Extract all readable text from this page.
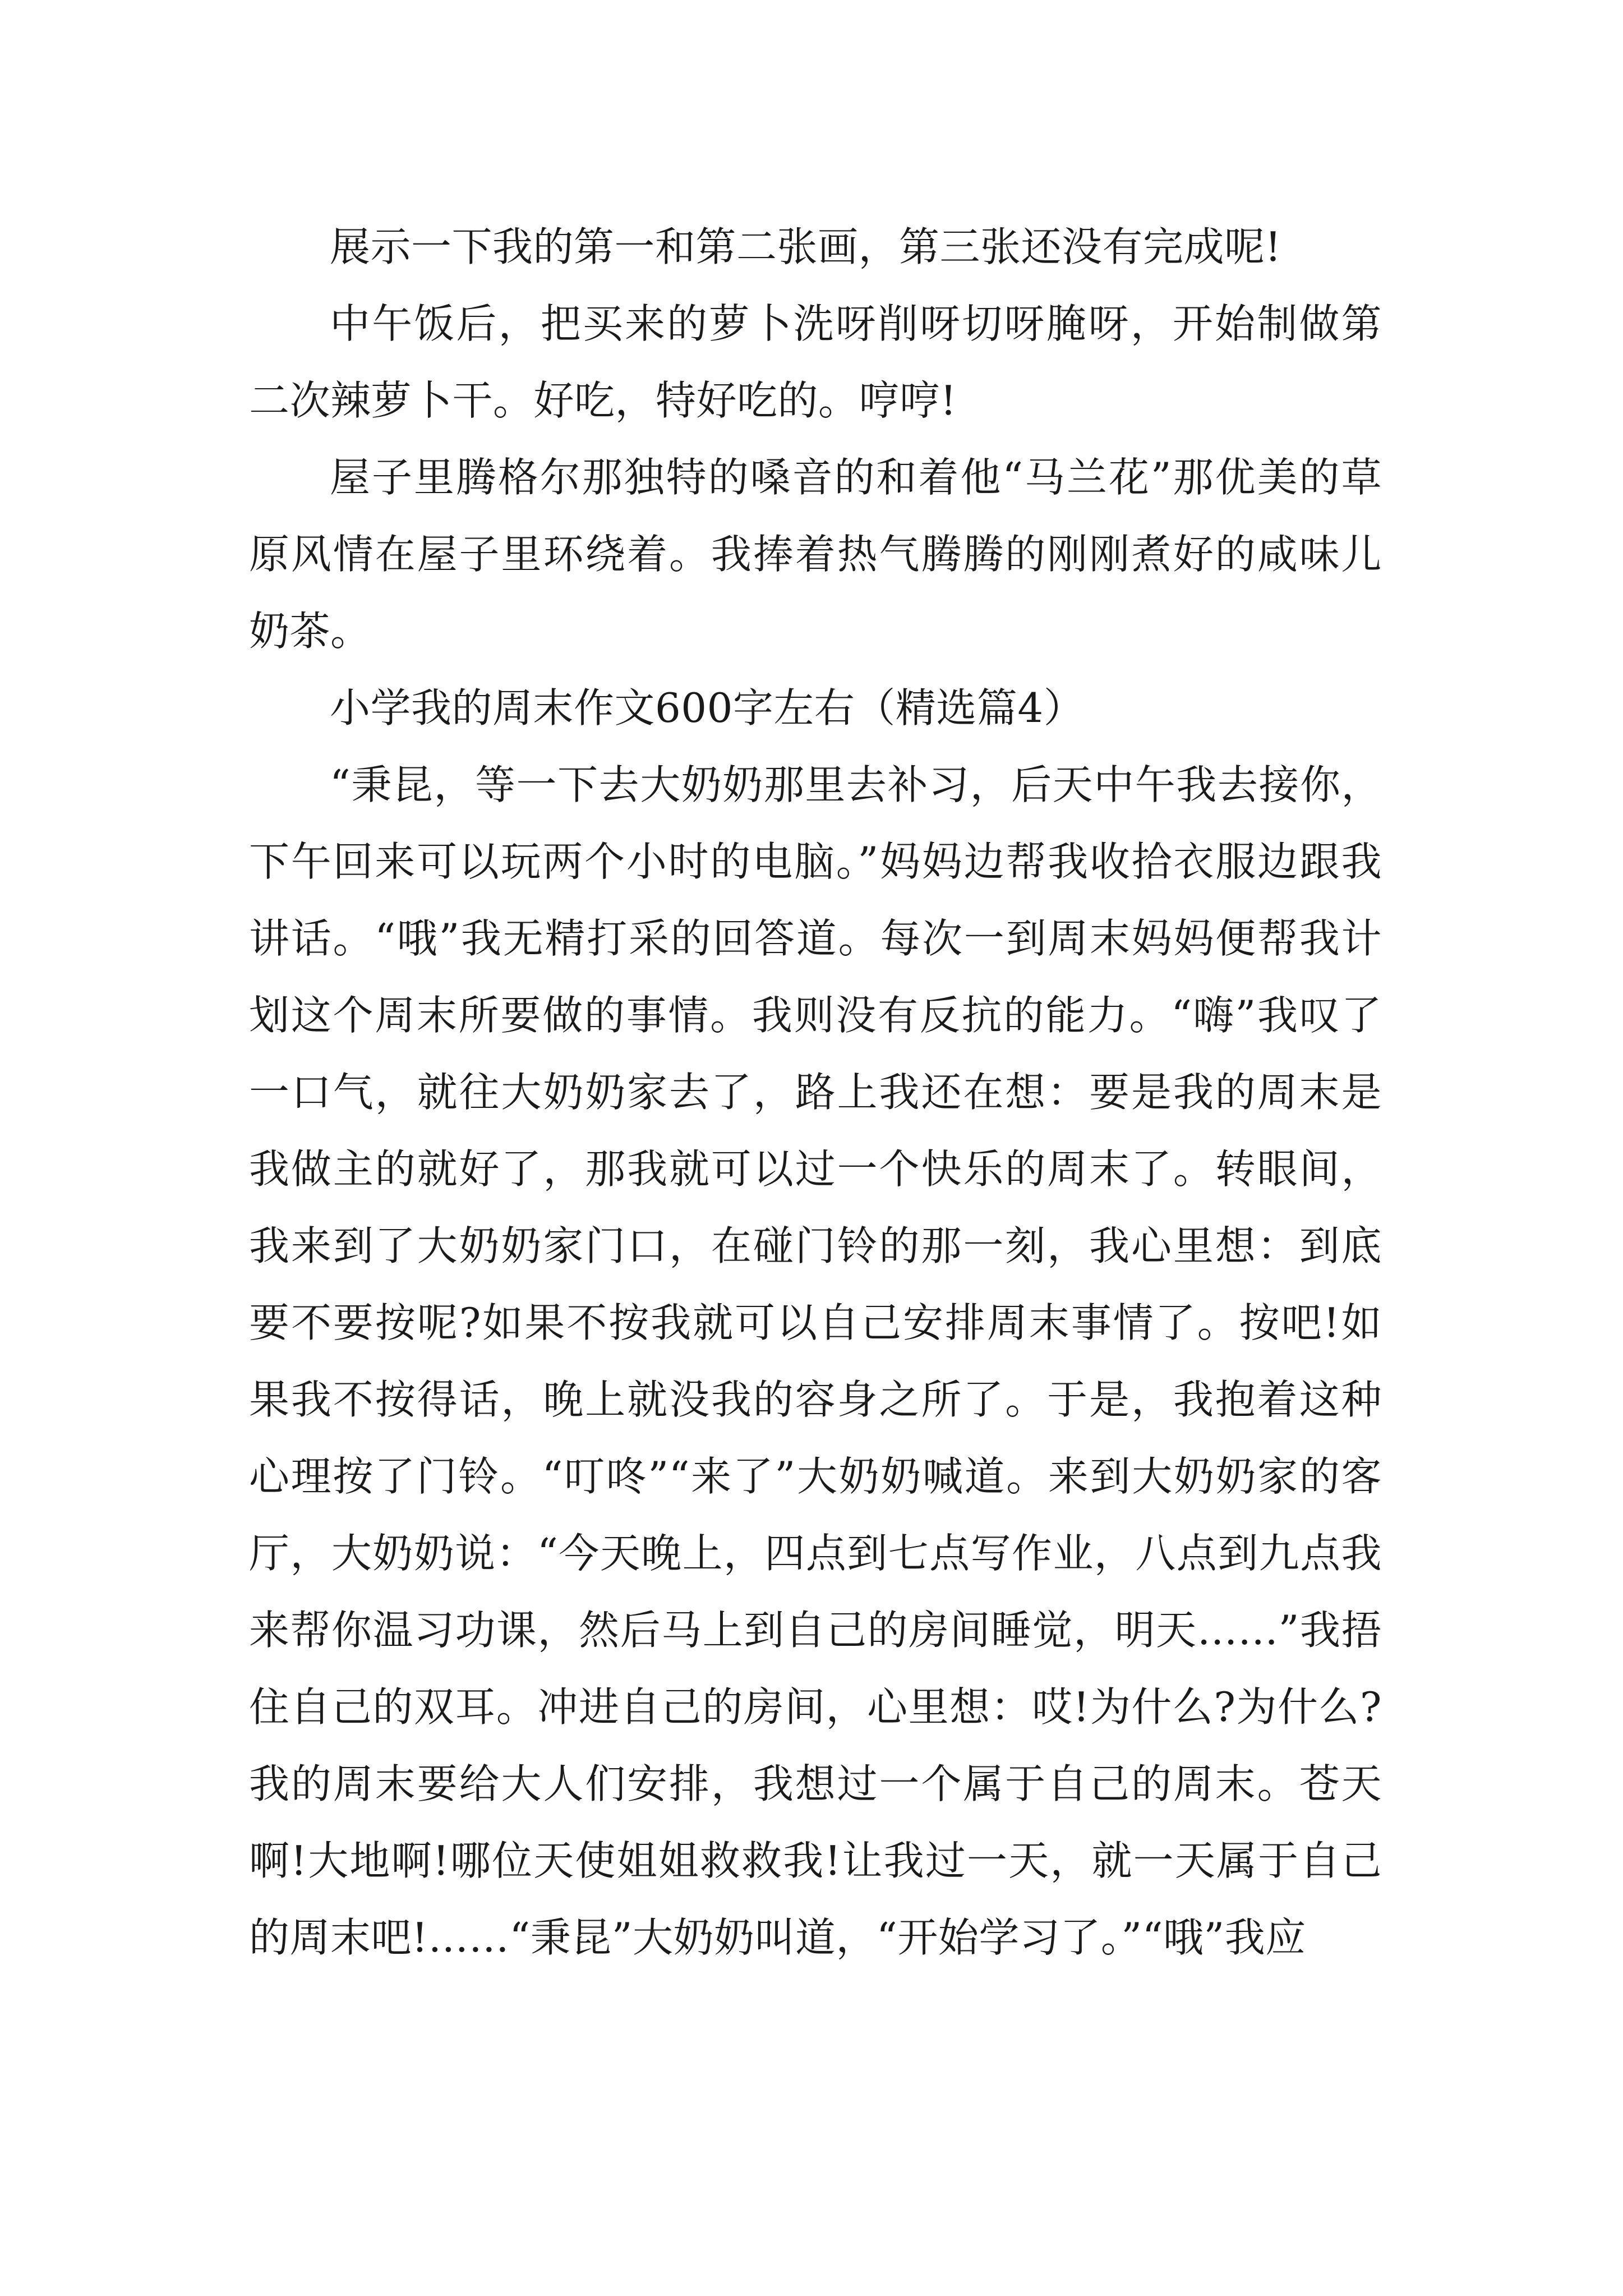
展示一下我的第一和第二张画，第三张还没有完成呢!

中午饭后，把买来的萝卜洗呀削呀切呀腌呀，开始制做第二次辣萝卜干。好吃，特好吃的。哼哼!

屋子里腾格尔那独特的嗓音的和着他“马兰花”那优美的草原风情在屋子里环绕着。我捧着热气腾腾的刚刚煮好的咸味儿奶茶。

小学我的周末作文600字左右（精选篇4）

“秉昆，等一下去大奶奶那里去补习，后天中午我去接你，下午回来可以玩两个小时的电脑。”妈妈边帮我收拾衣服边跟我讲话。“哦”我无精打采的回答道。每次一到周末妈妈便帮我计划这个周末所要做的事情。我则没有反抗的能力。“嗨”我叹了一口气，就往大奶奶家去了，路上我还在想：要是我的周末是我做主的就好了，那我就可以过一个快乐的周末了。转眼间，我来到了大奶奶家门口，在碰门铃的那一刻，我心里想：到底要不要按呢?如果不按我就可以自己安排周末事情了。按吧!如果我不按得话，晚上就没我的容身之所了。于是，我抱着这种心理按了门铃。“叮咚”“来了”大奶奶喊道。来到大奶奶家的客厅，大奶奶说：“今天晚上，四点到七点写作业，八点到九点我来帮你温习功课，然后马上到自己的房间睡觉，明天……”我捂住自己的双耳。冲进自己的房间，心里想：哎!为什么?为什么?我的周末要给大人们安排，我想过一个属于自己的周末。苍天啊!大地啊!哪位天使姐姐救救我!让我过一天，就一天属于自己的周末吧!……“秉昆”大奶奶叫道，“开始学习了。”“哦”我应
